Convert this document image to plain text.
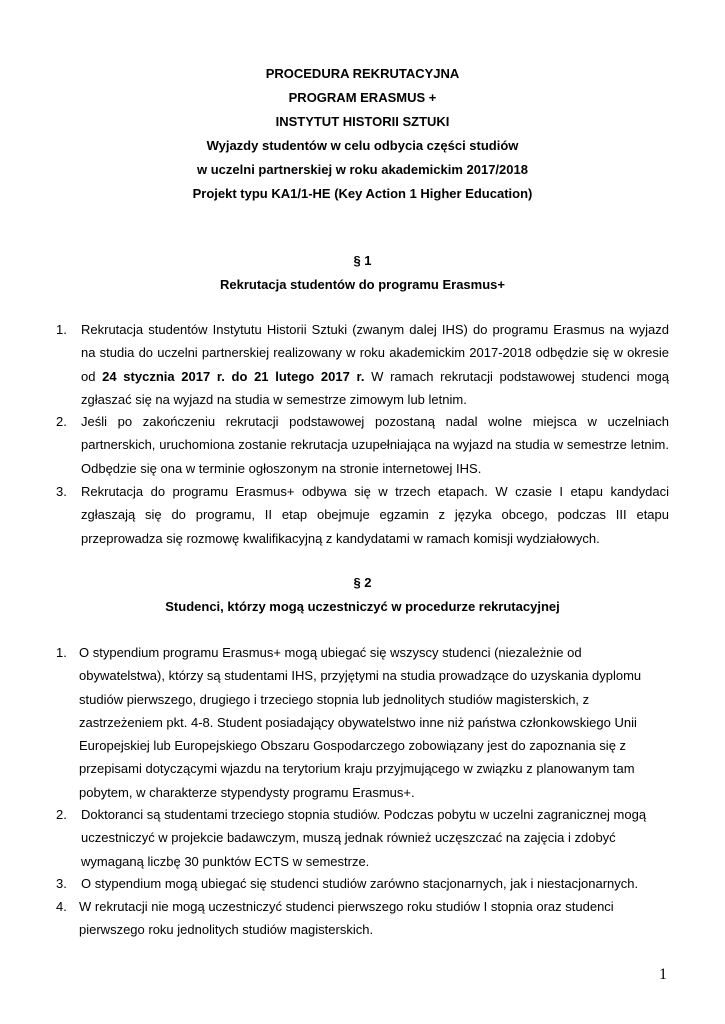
PROCEDURA REKRUTACYJNA
PROGRAM ERASMUS +
INSTYTUT HISTORII SZTUKI
Wyjazdy studentów w celu odbycia części studiów
w uczelni partnerskiej w roku akademickim 2017/2018
Projekt typu KA1/1-HE (Key Action 1 Higher Education)
§ 1
Rekrutacja studentów do programu Erasmus+
1. Rekrutacja studentów Instytutu Historii Sztuki (zwanym dalej IHS) do programu Erasmus na wyjazd na studia do uczelni partnerskiej realizowany w roku akademickim 2017-2018 odbędzie się w okresie od 24 stycznia 2017 r. do 21 lutego 2017 r. W ramach rekrutacji podstawowej studenci mogą zgłaszać się na wyjazd na studia w semestrze zimowym lub letnim.
2. Jeśli po zakończeniu rekrutacji podstawowej pozostaną nadal wolne miejsca w uczelniach partnerskich, uruchomiona zostanie rekrutacja uzupełniająca na wyjazd na studia w semestrze letnim. Odbędzie się ona w terminie ogłoszonym na stronie internetowej IHS.
3. Rekrutacja do programu Erasmus+ odbywa się w trzech etapach. W czasie I etapu kandydaci zgłaszają się do programu, II etap obejmuje egzamin z języka obcego, podczas III etapu przeprowadza się rozmowę kwalifikacyjną z kandydatami w ramach komisji wydziałowych.
§ 2
Studenci, którzy mogą uczestniczyć w procedurze rekrutacyjnej
1. O stypendium programu Erasmus+ mogą ubiegać się wszyscy studenci (niezależnie od obywatelstwa), którzy są studentami IHS, przyjętymi na studia prowadzące do uzyskania dyplomu studiów pierwszego, drugiego i trzeciego stopnia lub jednolitych studiów magisterskich, z zastrzeżeniem pkt. 4-8. Student posiadający obywatelstwo inne niż państwa członkowskiego Unii Europejskiej lub Europejskiego Obszaru Gospodarczego zobowiązany jest do zapoznania się z przepisami dotyczącymi wjazdu na terytorium kraju przyjmującego w związku z planowanym tam pobytem, w charakterze stypendysty programu Erasmus+.
2. Doktoranci są studentami trzeciego stopnia studiów. Podczas pobytu w uczelni zagranicznej mogą uczestniczyć w projekcie badawczym, muszą jednak również uczęszczać na zajęcia i zdobyć wymaganą liczbę 30 punktów ECTS w semestrze.
3. O stypendium mogą ubiegać się studenci studiów zarówno stacjonarnych, jak i niestacjonarnych.
4. W rekrutacji nie mogą uczestniczyć studenci pierwszego roku studiów I stopnia oraz studenci pierwszego roku jednolitych studiów magisterskich.
1
